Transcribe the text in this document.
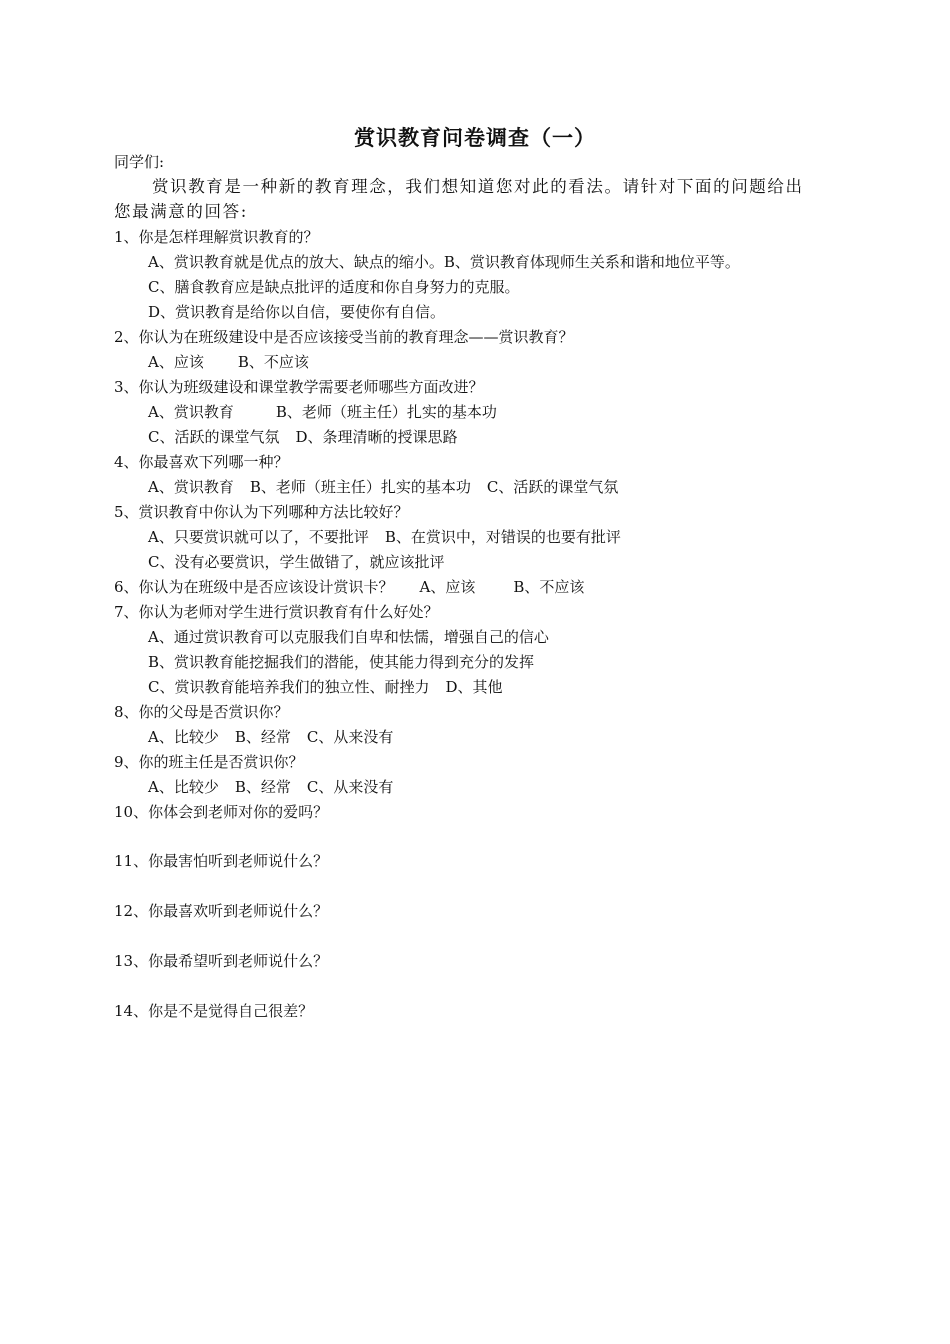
赏识教育问卷调查（一）
同学们:
赏识教育是一种新的教育理念，我们想知道您对此的看法。请针对下面的问题给出
您最满意的回答:
1、你是怎样理解赏识教育的？
A、赏识教育就是优点的放大、缺点的缩小。B、赏识教育体现师生关系和谐和地位平等。
C、膳食教育应是缺点批评的适度和你自身努力的克服。
D、赏识教育是给你以自信，要使你有自信。
2、你认为在班级建设中是否应该接受当前的教育理念——赏识教育？
A、应该 B、不应该
3、你认为班级建设和课堂教学需要老师哪些方面改进？
A、赏识教育	B、老师（班主任）扎实的基本功
C、活跃的课堂气氛 D、条理清晰的授课思路
4、你最喜欢下列哪一种？
A、赏识教育 B、老师（班主任）扎实的基本功 C、活跃的课堂气氛
5、赏识教育中你认为下列哪种方法比较好？
A、只要赏识就可以了，不要批评 B、在赏识中，对错误的也要有批评
C、没有必要赏识，学生做错了，就应该批评
6、你认为在班级中是否应该设计赏识卡？ A、应该	B、不应该
7、你认为老师对学生进行赏识教育有什么好处？
A、通过赏识教育可以克服我们自卑和怯懦，增强自己的信心
B、赏识教育能挖掘我们的潜能，使其能力得到充分的发挥
C、赏识教育能培养我们的独立性、耐挫力 D、其他
8、你的父母是否赏识你？
A、比较少 B、经常 C、从来没有
9、你的班主任是否赏识你？
A、比较少 B、经常 C、从来没有
10、你体会到老师对你的爱吗？
11、你最害怕听到老师说什么？
12、你最喜欢听到老师说什么？
13、你最希望听到老师说什么？
14、你是不是觉得自己很差？
